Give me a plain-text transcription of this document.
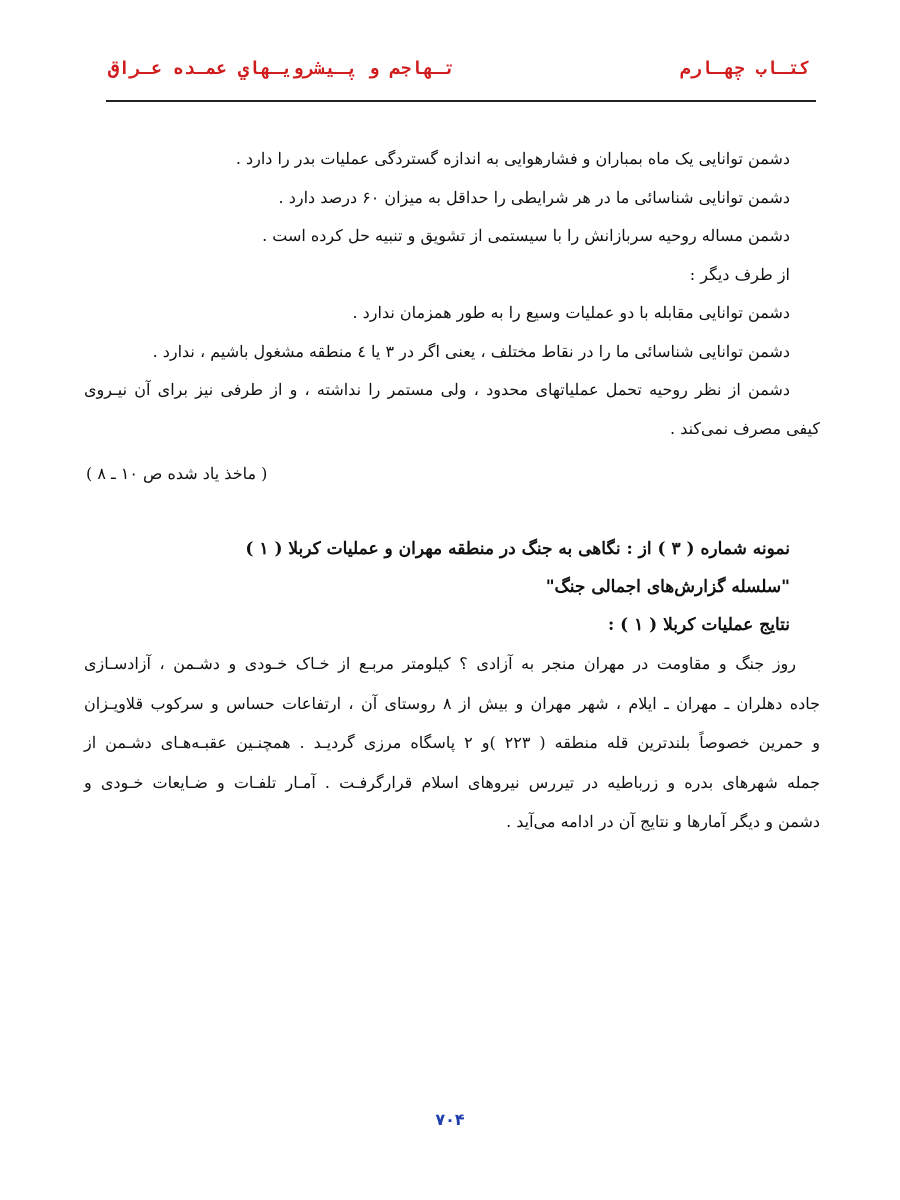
كتـاب چهـارم
تـهاجم و پـيشرويـهاي عمـده عـراق
دشمن توانایی یک ماه بمباران و فشارهوایی به اندازه گستردگی عملیات بدر را دارد .
دشمن توانایی شناسائی ما در هر شرایطی را حداقل به میزان ۶۰ درصد دارد .
دشمن مساله روحیه سربازانش را با سیستمی از تشویق و تنبیه حل کرده است .
از طرف دیگر :
دشمن توانایی مقابله با دو عملیات وسیع را به طور همزمان ندارد .
دشمن توانایی شناسائی ما را در نقاط مختلف ، یعنی اگر در ۳ یا ٤ منطقه مشغول باشیم ، ندارد .
دشمن از نظر روحیه تحمل عملیاتهای محدود ، ولی مستمر را نداشته ، و از طرفی نیز برای آن نیـروی
کیفی مصرف نمی‌کند .
( ماخذ یاد شده ص ۱۰ ـ ۸ )
نمونه شماره ( ۳ ) از : نگاهی به جنگ در منطقه مهران و عملیات کربلا ( ۱ )
"سلسله گزارش‌های اجمالی جنگ"
نتایج عملیات کربلا ( ۱ ) :
روز جنگ و مقاومت در مهران منجر به آزادی ؟ کیلومتر مربـع از خـاک خـودی و دشـمن ، آزادسـازی
جاده دهلران ـ مهران ـ ایلام ، شهر مهران و بیش از ۸ روستای آن ، ارتفاعات حساس و سرکوب قلاویـزان
و حمرین خصوصاً بلندترین قله منطقه ( ۲۲۳ )و ۲ پاسگاه مرزی گردیـد . همچنـین عقبـه‌هـای دشـمن از
جمله شهرهای بدره و زرباطیه در تیررس نیروهای اسلام قرارگرفـت . آمـار تلفـات و ضـایعات خـودی و
دشمن و دیگر آمارها و نتایج آن در ادامه می‌آید .
۷۰۴
